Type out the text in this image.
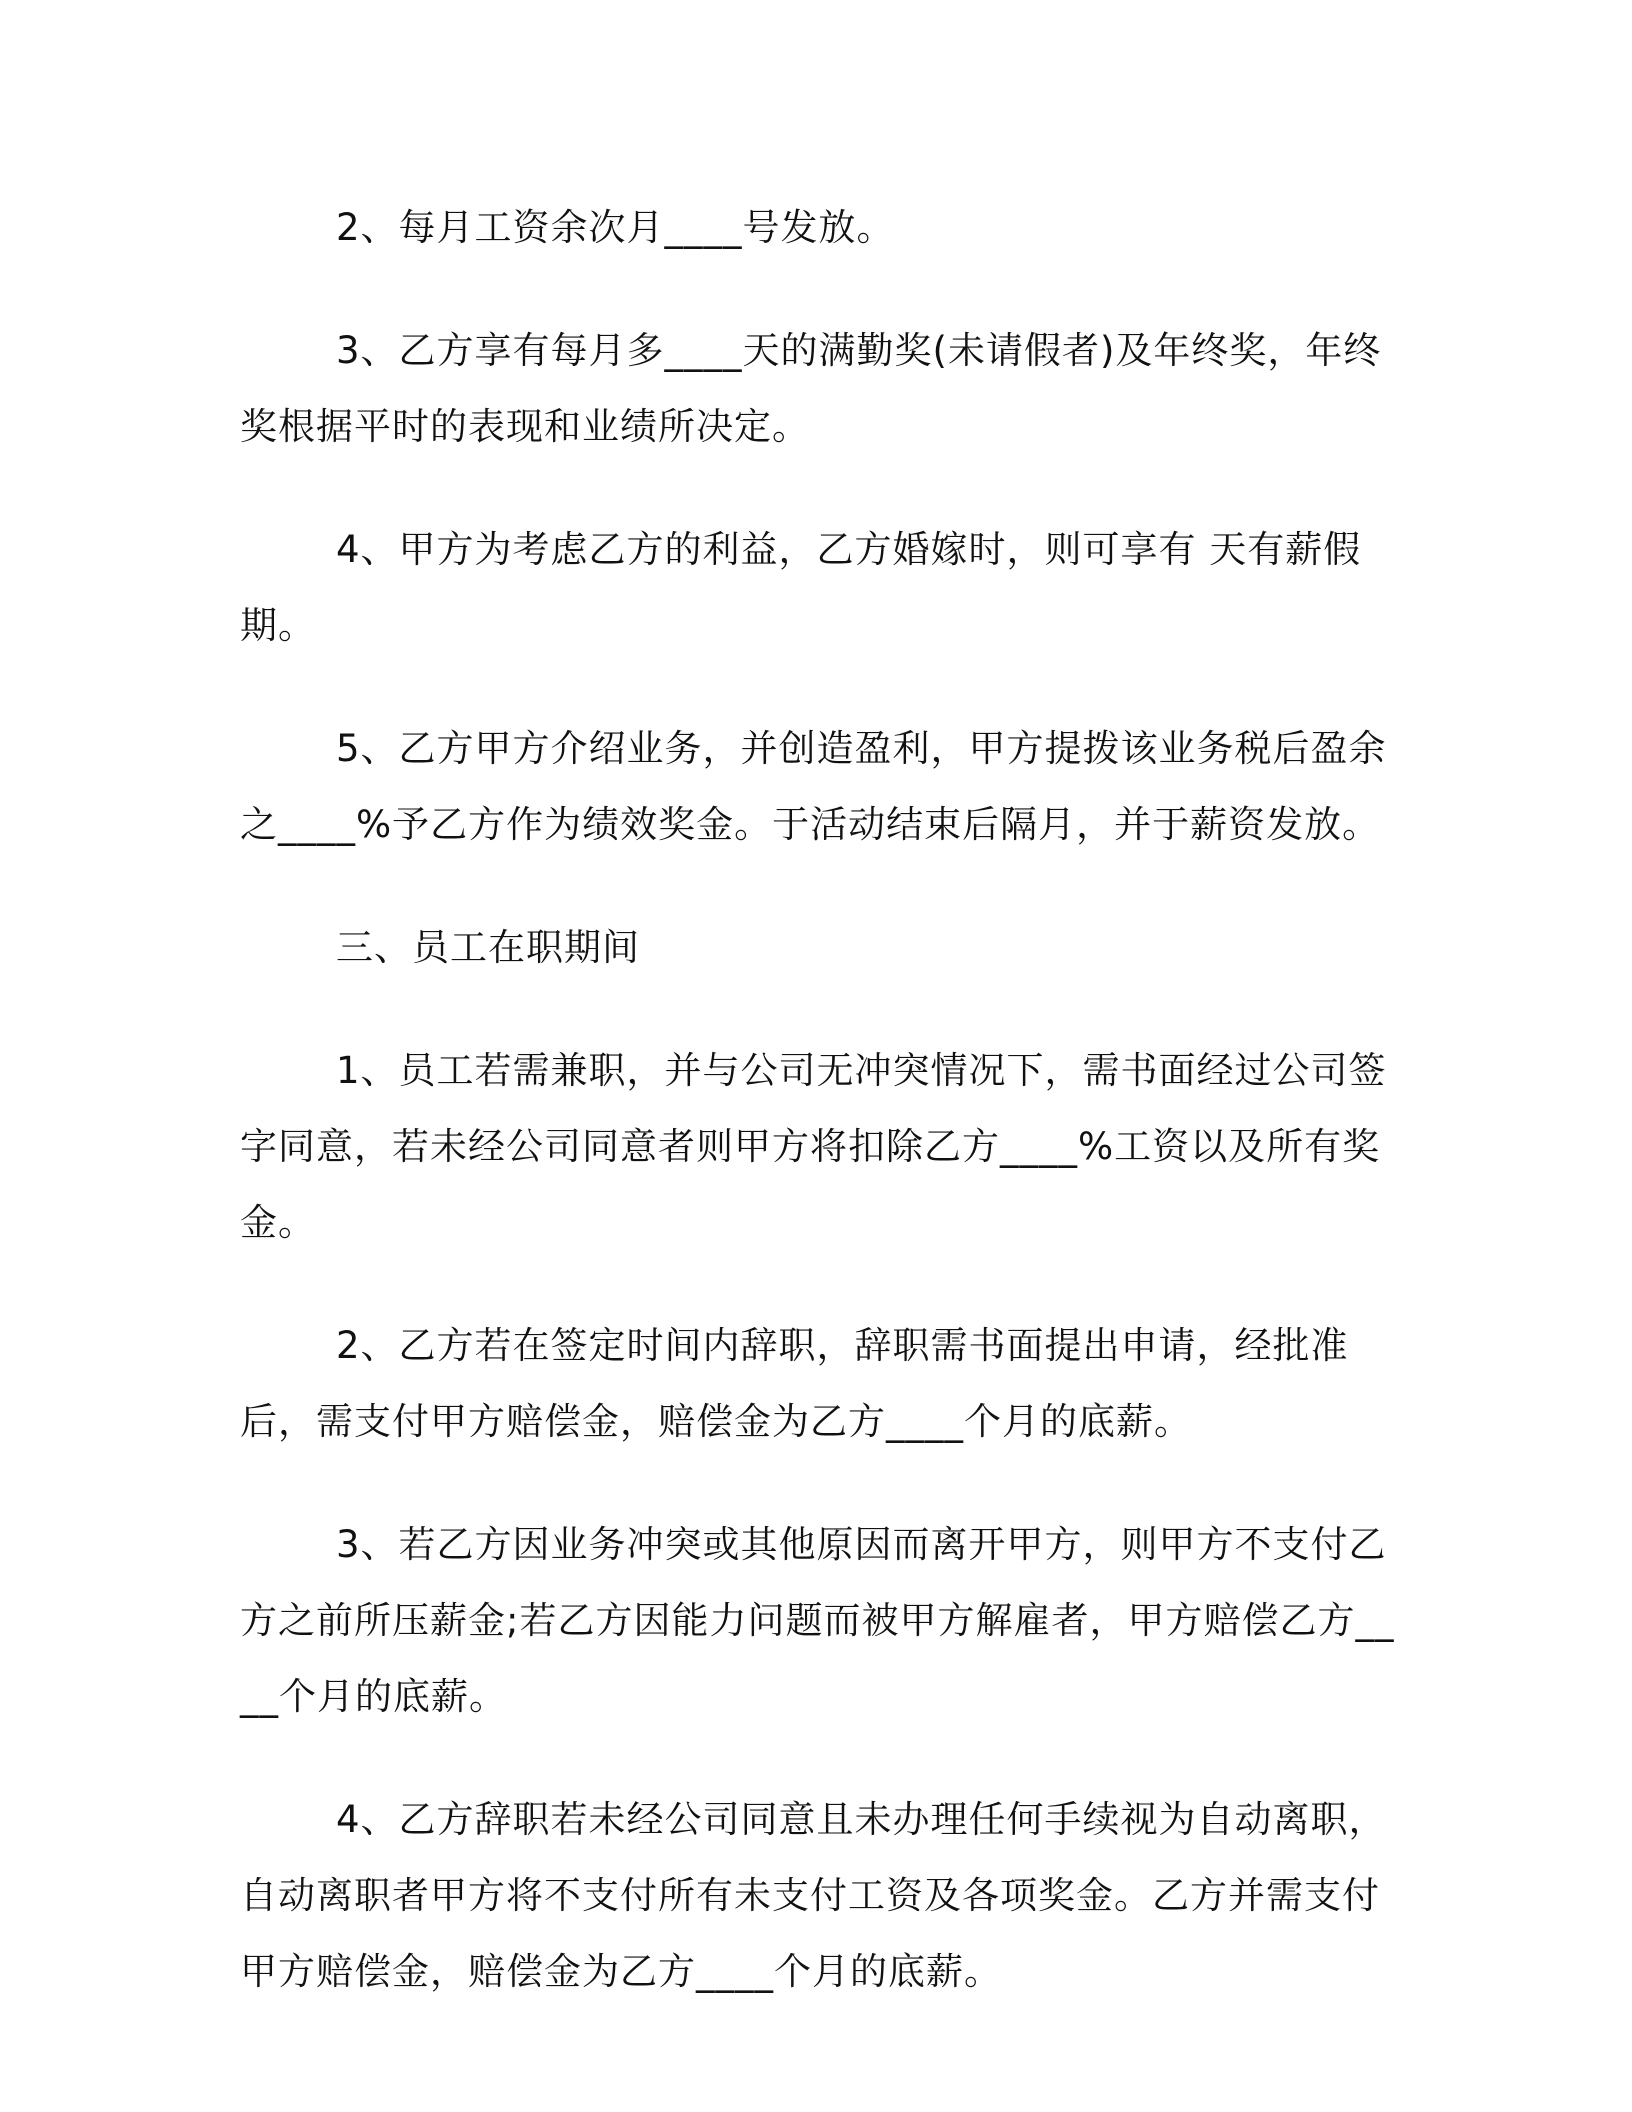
2、每月工资余次月____号发放。

3、乙方享有每月多____天的满勤奖(未请假者)及年终奖，年终奖根据平时的表现和业绩所决定。

4、甲方为考虑乙方的利益，乙方婚嫁时，则可享有 天有薪假期。

5、乙方甲方介绍业务，并创造盈利，甲方提拨该业务税后盈余之____%予乙方作为绩效奖金。于活动结束后隔月，并于薪资发放。

三、员工在职期间

1、员工若需兼职，并与公司无冲突情况下，需书面经过公司签字同意，若未经公司同意者则甲方将扣除乙方____%工资以及所有奖金。

2、乙方若在签定时间内辞职，辞职需书面提出申请，经批准后，需支付甲方赔偿金，赔偿金为乙方____个月的底薪。

3、若乙方因业务冲突或其他原因而离开甲方，则甲方不支付乙方之前所压薪金;若乙方因能力问题而被甲方解雇者，甲方赔偿乙方____个月的底薪。

4、乙方辞职若未经公司同意且未办理任何手续视为自动离职，自动离职者甲方将不支付所有未支付工资及各项奖金。乙方并需支付甲方赔偿金，赔偿金为乙方____个月的底薪。
